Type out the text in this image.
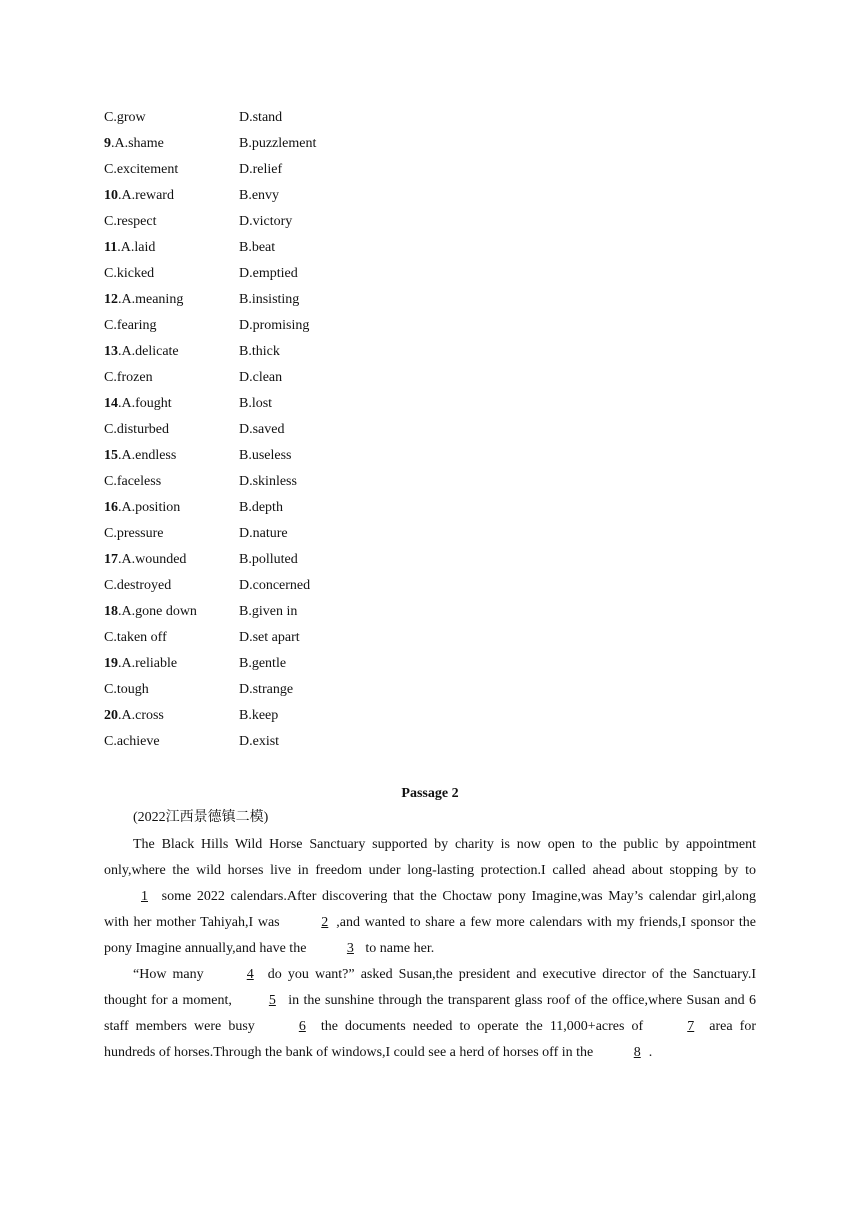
C.grow	D.stand
9.A.shame	B.puzzlement
C.excitement	D.relief
10.A.reward	B.envy
C.respect	D.victory
11.A.laid	B.beat
C.kicked	D.emptied
12.A.meaning	B.insisting
C.fearing	D.promising
13.A.delicate	B.thick
C.frozen	D.clean
14.A.fought	B.lost
C.disturbed	D.saved
15.A.endless	B.useless
C.faceless	D.skinless
16.A.position	B.depth
C.pressure	D.nature
17.A.wounded	B.polluted
C.destroyed	D.concerned
18.A.gone down	B.given in
C.taken off	D.set apart
19.A.reliable	B.gentle
C.tough	D.strange
20.A.cross	B.keep
C.achieve	D.exist
Passage 2
(2022江西景德镇二模)

The Black Hills Wild Horse Sanctuary supported by charity is now open to the public by appointment only,where the wild horses live in freedom under long-lasting protection.I called ahead about stopping by to 1 some 2022 calendars.After discovering that the Choctaw pony Imagine,was May’s calendar girl,along with her mother Tahiyah,I was	2 ,and wanted to share a few more calendars with my friends,I sponsor the pony Imagine annually,and have the	3 to name her.

“How many	4 do you want?” asked Susan,the president and executive director of the Sanctuary.I thought for a moment,	5 in the sunshine through the transparent glass roof of the office,where Susan and 6 staff members were busy	6 the documents needed to operate the 11,000+acres of	7 area for hundreds of horses.Through the bank of windows,I could see a herd of horses off in the	8 .
